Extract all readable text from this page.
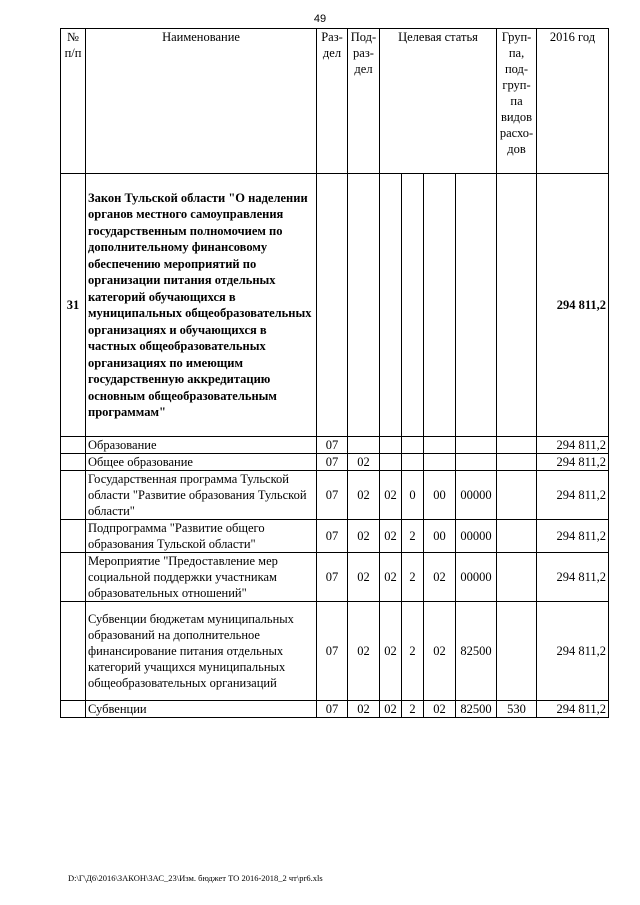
49
№ п/п	Наименование	Раз-дел	Под-раз-дел	Целевая статья				Груп-па, под-груп-па видов расхо-дов	2016 год
31	Закон Тульской области "О наделении органов местного самоуправления государственным полномочием по дополнительному финансовому обеспечению мероприятий по организации питания отдельных категорий обучающихся в муниципальных общеобразовательных организациях и обучающихся в частных общеобразовательных организациях по имеющим государственную аккредитацию основным общеобразовательным программам"								294 811,2
	Образование	07							294 811,2
	Общее образование	07	02						294 811,2
	Государственная программа Тульской области "Развитие образования Тульской области"	07	02	02	0	00	00000		294 811,2
	Подпрограмма "Развитие общего образования Тульской области"	07	02	02	2	00	00000		294 811,2
	Мероприятие "Предоставление мер социальной поддержки участникам образовательных отношений"	07	02	02	2	02	00000		294 811,2
	Субвенции бюджетам муниципальных образований на дополнительное финансирование питания отдельных категорий учащихся муниципальных общеобразовательных организаций	07	02	02	2	02	82500		294 811,2
	Субвенции	07	02	02	2	02	82500	530	294 811,2
D:\Г\Д6\2016\ЗАКОН\ЗАС_23\Изм. бюджет ТО 2016-2018_2 чт\pr6.xls
